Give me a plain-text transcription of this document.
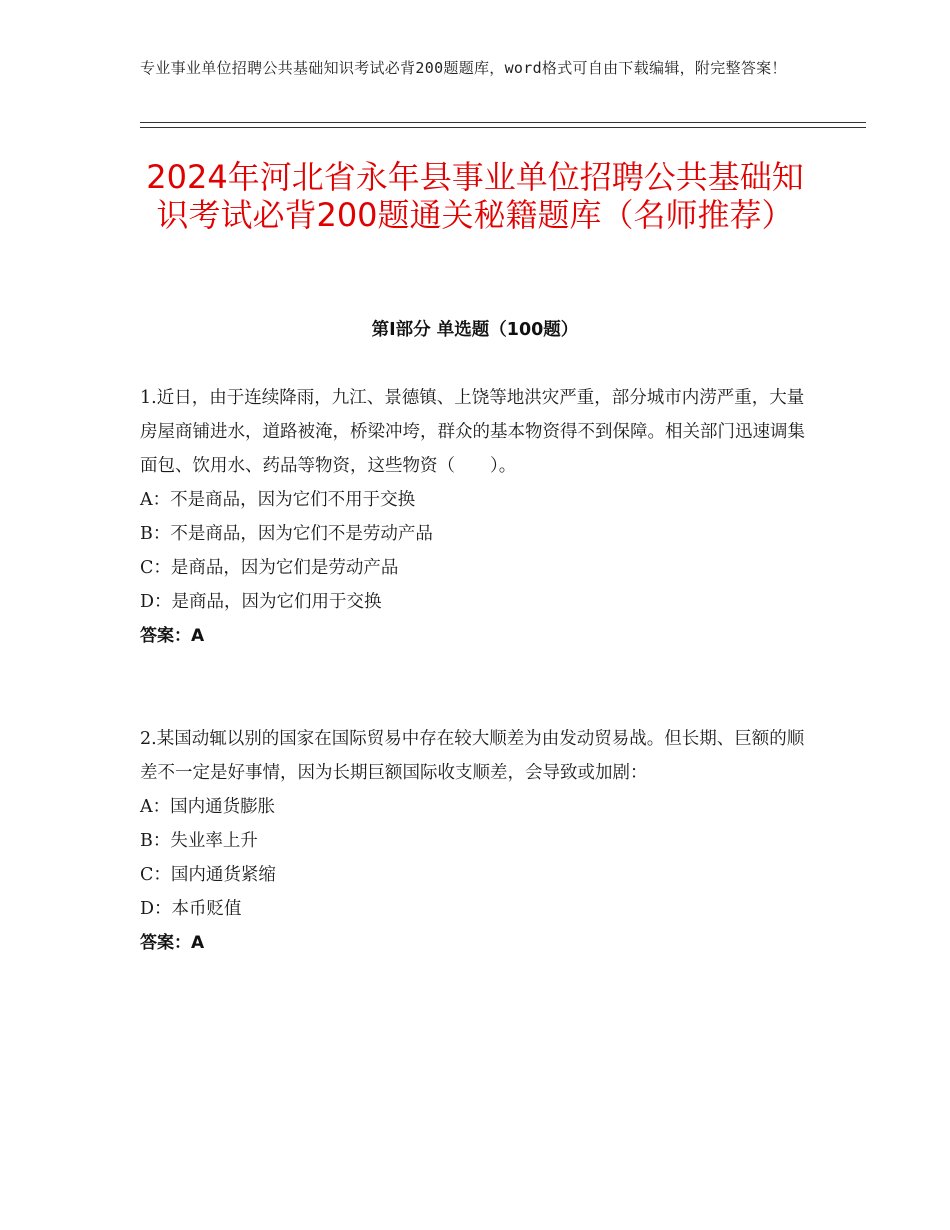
专业事业单位招聘公共基础知识考试必背200题题库，word格式可自由下载编辑，附完整答案！
2024年河北省永年县事业单位招聘公共基础知识考试必背200题通关秘籍题库（名师推荐）
第Ⅰ部分 单选题（100题）

1.近日，由于连续降雨，九江、景德镇、上饶等地洪灾严重，部分城市内涝严重，大量房屋商铺进水，道路被淹，桥梁冲垮，群众的基本物资得不到保障。相关部门迅速调集面包、饮用水、药品等物资，这些物资（　　）。

A：不是商品，因为它们不用于交换

B：不是商品，因为它们不是劳动产品

C：是商品，因为它们是劳动产品

D：是商品，因为它们用于交换

答案：A

2.某国动辄以别的国家在国际贸易中存在较大顺差为由发动贸易战。但长期、巨额的顺差不一定是好事情，因为长期巨额国际收支顺差，会导致或加剧：

A：国内通货膨胀

B：失业率上升

C：国内通货紧缩

D：本币贬值

答案：A
